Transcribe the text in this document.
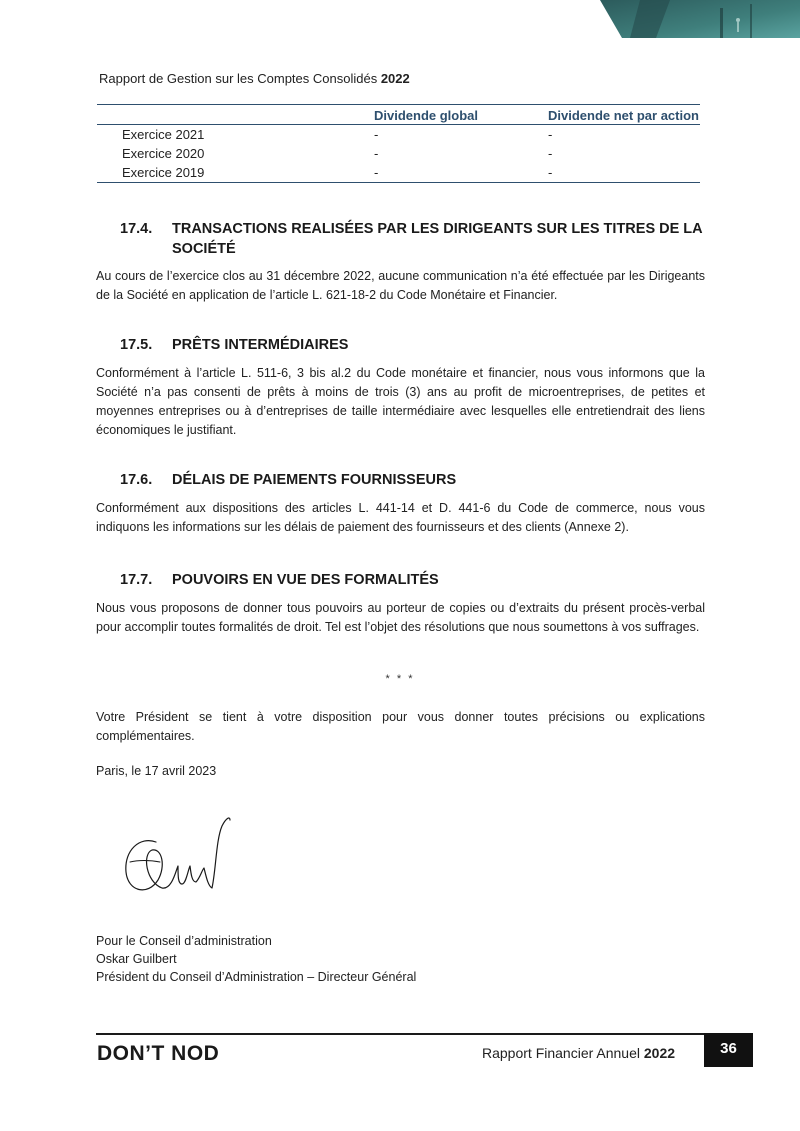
Rapport de Gestion sur les Comptes Consolidés 2022
	Dividende global	Dividende net par action
Exercice 2021	-	-
Exercice 2020	-	-
Exercice 2019	-	-
17.4.	TRANSACTIONS REALISÉES PAR LES DIRIGEANTS SUR LES TITRES DE LA SOCIÉTÉ
Au cours de l’exercice clos au 31 décembre 2022, aucune communication n’a été effectuée par les Dirigeants de la Société en application de l’article L. 621-18-2 du Code Monétaire et Financier.
17.5.	PRÊTS INTERMÉDIAIRES
Conformément à l’article L. 511-6, 3 bis al.2 du Code monétaire et financier, nous vous informons que la Société n’a pas consenti de prêts à moins de trois (3) ans au profit de microentreprises, de petites et moyennes entreprises ou à d’entreprises de taille intermédiaire avec lesquelles elle entretiendrait des liens économiques le justifiant.
17.6.	DÉLAIS DE PAIEMENTS FOURNISSEURS
Conformément aux dispositions des articles L. 441-14 et D. 441-6 du Code de commerce, nous vous indiquons les informations sur les délais de paiement des fournisseurs et des clients (Annexe 2).
17.7.	POUVOIRS EN VUE DES FORMALITÉS
Nous vous proposons de donner tous pouvoirs au porteur de copies ou d’extraits du présent procès-verbal pour accomplir toutes formalités de droit. Tel est l’objet des résolutions que nous soumettons à vos suffrages.
* * *
Votre Président se tient à votre disposition pour vous donner toutes précisions ou explications complémentaires.
Paris, le 17 avril 2023
Pour le Conseil d’administration
Oskar Guilbert
Président du Conseil d’Administration – Directeur Général
DON’T NOD	Rapport Financier Annuel 2022	36
